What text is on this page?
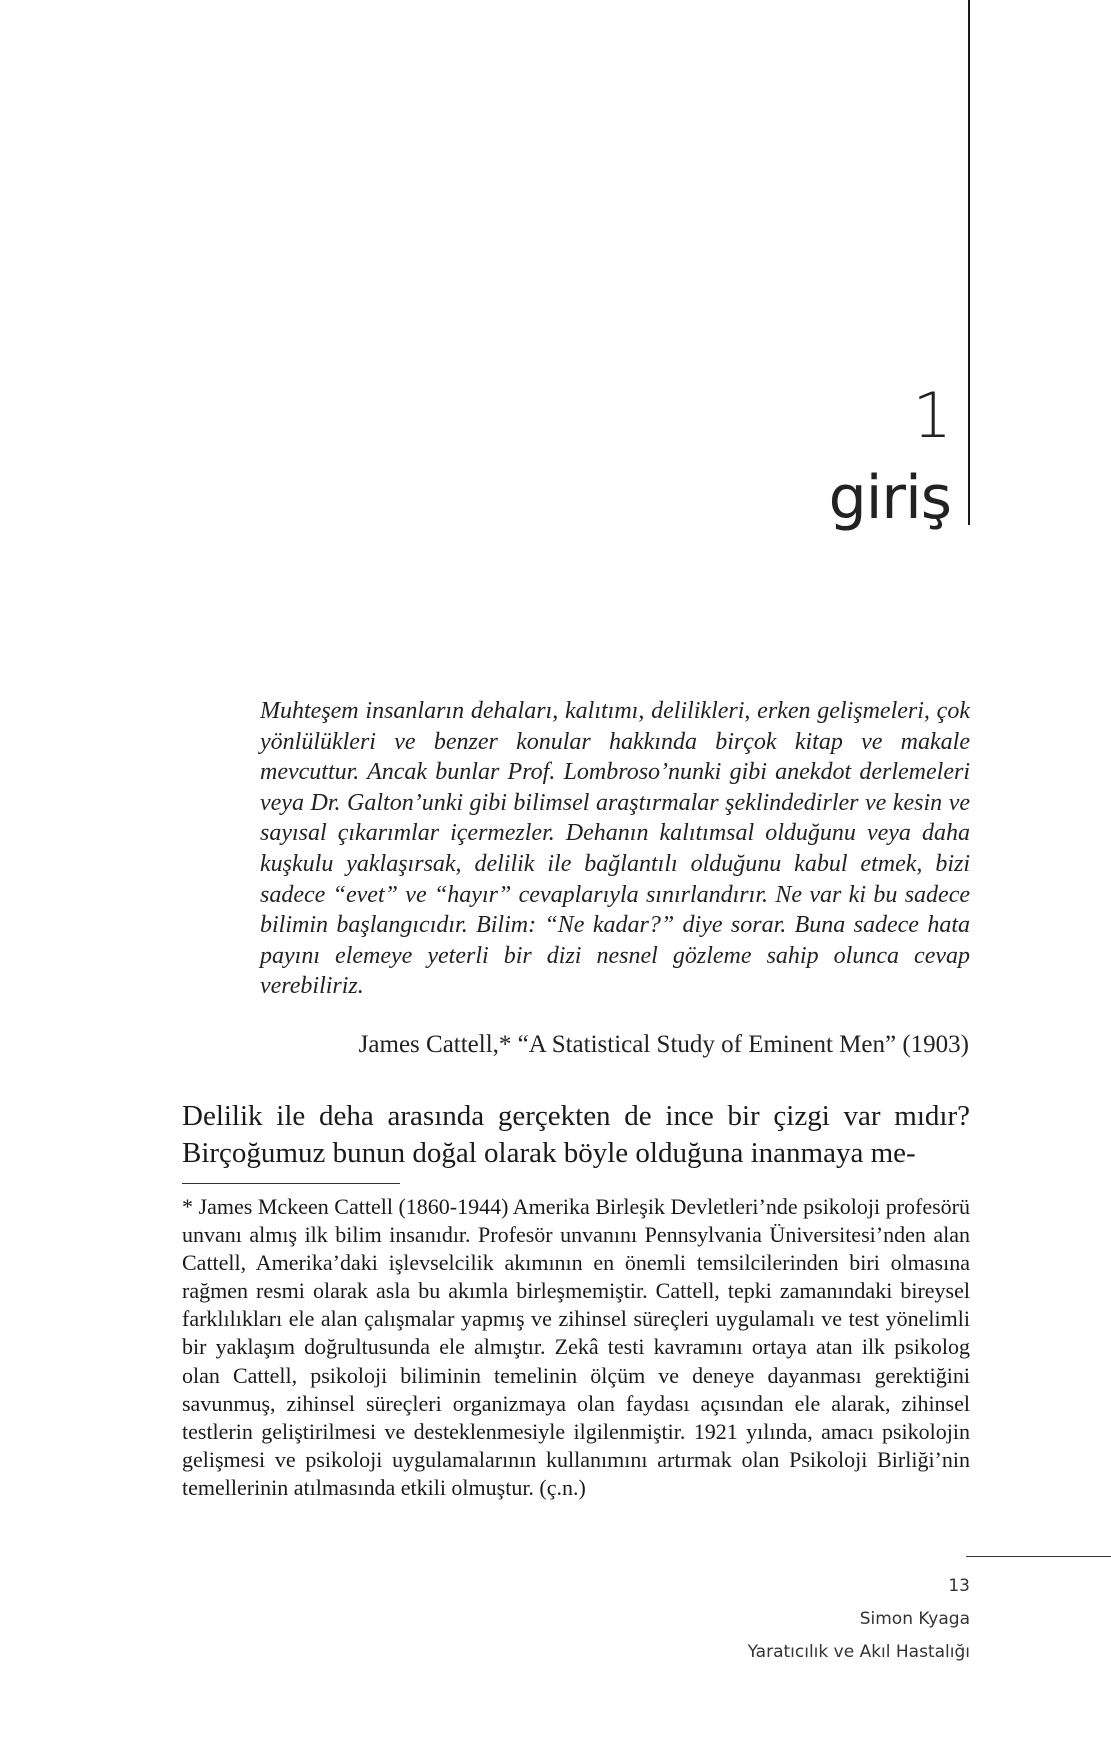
1
giriş

Muhteşem insanların dehaları, kalıtımı, delilikleri, erken gelişmeleri, çok yönlülükleri ve benzer konular hakkında birçok kitap ve makale mevcuttur. Ancak bunlar Prof. Lombroso’nunki gibi anekdot derlemeleri veya Dr. Galton’unki gibi bilimsel araştırmalar şeklindedirler ve kesin ve sayısal çıkarımlar içermezler. Dehanın kalıtımsal olduğunu veya daha kuşkulu yaklaşırsak, delilik ile bağlantılı olduğunu kabul etmek, bizi sadece “evet” ve “hayır” cevaplarıyla sınırlandırır. Ne var ki bu sadece bilimin başlangıcıdır. Bilim: “Ne kadar?” diye sorar. Buna sadece hata payını elemeye yeterli bir dizi nesnel gözleme sahip olunca cevap verebiliriz.

James Cattell,* “A Statistical Study of Eminent Men” (1903)

Delilik ile deha arasında gerçekten de ince bir çizgi var mıdır? Birçoğumuz bunun doğal olarak böyle olduğuna inanmaya me-

* James Mckeen Cattell (1860-1944) Amerika Birleşik Devletleri’nde psikoloji profesörü unvanı almış ilk bilim insanıdır. Profesör unvanını Pennsylvania Üniversitesi’nden alan Cattell, Amerika’daki işlevselcilik akımının en önemli temsilcilerinden biri olmasına rağmen resmi olarak asla bu akımla birleşmemiştir. Cattell, tepki zamanındaki bireysel farklılıkları ele alan çalışmalar yapmış ve zihinsel süreçleri uygulamalı ve test yönelimli bir yaklaşım doğrultusunda ele almıştır. Zekâ testi kavramını ortaya atan ilk psikolog olan Cattell, psikoloji biliminin temelinin ölçüm ve deneye dayanması gerektiğini savunmuş, zihinsel süreçleri organizmaya olan faydası açısından ele alarak, zihinsel testlerin geliştirilmesi ve desteklenmesiyle ilgilenmiştir. 1921 yılında, amacı psikolojin gelişmesi ve psikoloji uygulamalarının kullanımını artırmak olan Psikoloji Birliği’nin temellerinin atılmasında etkili olmuştur. (ç.n.)

13
Simon Kyaga
Yaratıcılık ve Akıl Hastalığı
